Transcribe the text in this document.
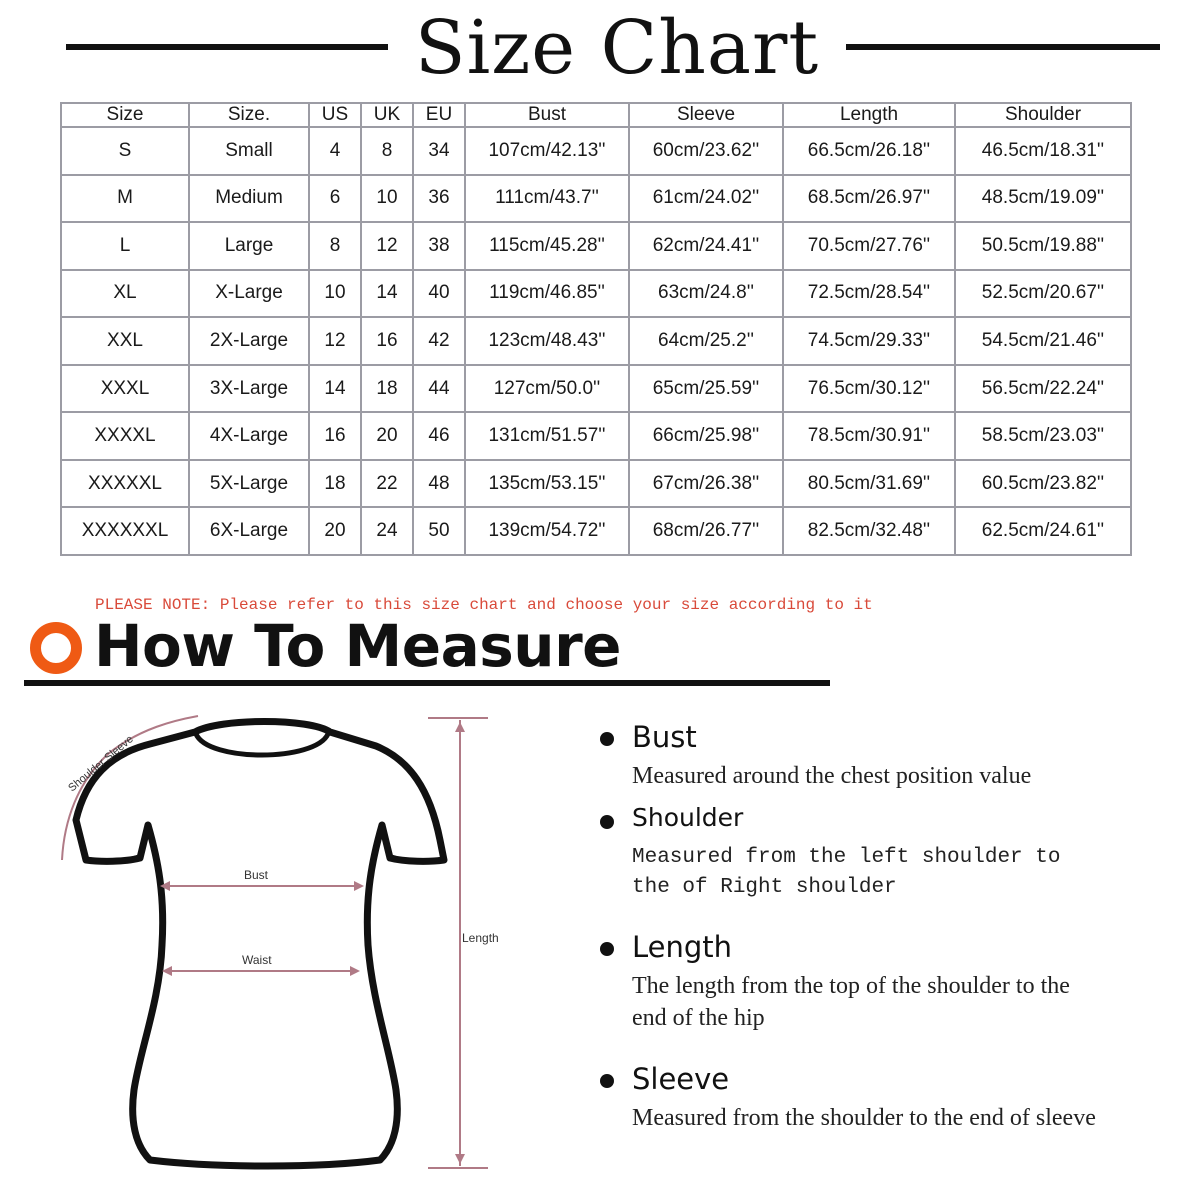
Size Chart
Size	Size.	US	UK	EU	Bust	Sleeve	Length	Shoulder
S	Small	4	8	34	107cm/42.13''	60cm/23.62''	66.5cm/26.18''	46.5cm/18.31''
M	Medium	6	10	36	111cm/43.7''	61cm/24.02''	68.5cm/26.97''	48.5cm/19.09''
L	Large	8	12	38	115cm/45.28''	62cm/24.41''	70.5cm/27.76''	50.5cm/19.88''
XL	X-Large	10	14	40	119cm/46.85''	63cm/24.8''	72.5cm/28.54''	52.5cm/20.67''
XXL	2X-Large	12	16	42	123cm/48.43''	64cm/25.2''	74.5cm/29.33''	54.5cm/21.46''
XXXL	3X-Large	14	18	44	127cm/50.0''	65cm/25.59''	76.5cm/30.12''	56.5cm/22.24''
XXXXL	4X-Large	16	20	46	131cm/51.57''	66cm/25.98''	78.5cm/30.91''	58.5cm/23.03''
XXXXXL	5X-Large	18	22	48	135cm/53.15''	67cm/26.38''	80.5cm/31.69''	60.5cm/23.82''
XXXXXXL	6X-Large	20	24	50	139cm/54.72''	68cm/26.77''	82.5cm/32.48''	62.5cm/24.61''
PLEASE NOTE: Please refer to this size chart and choose your size according to it
How To Measure
Shoulder Sleeve
Bust
Waist
Length
Bust
Measured around the chest position value
Shoulder
Measured from the left shoulder to the of Right shoulder
Length
The length from the top of the shoulder to the end of the hip
Sleeve
Measured from the shoulder to the end of sleeve
